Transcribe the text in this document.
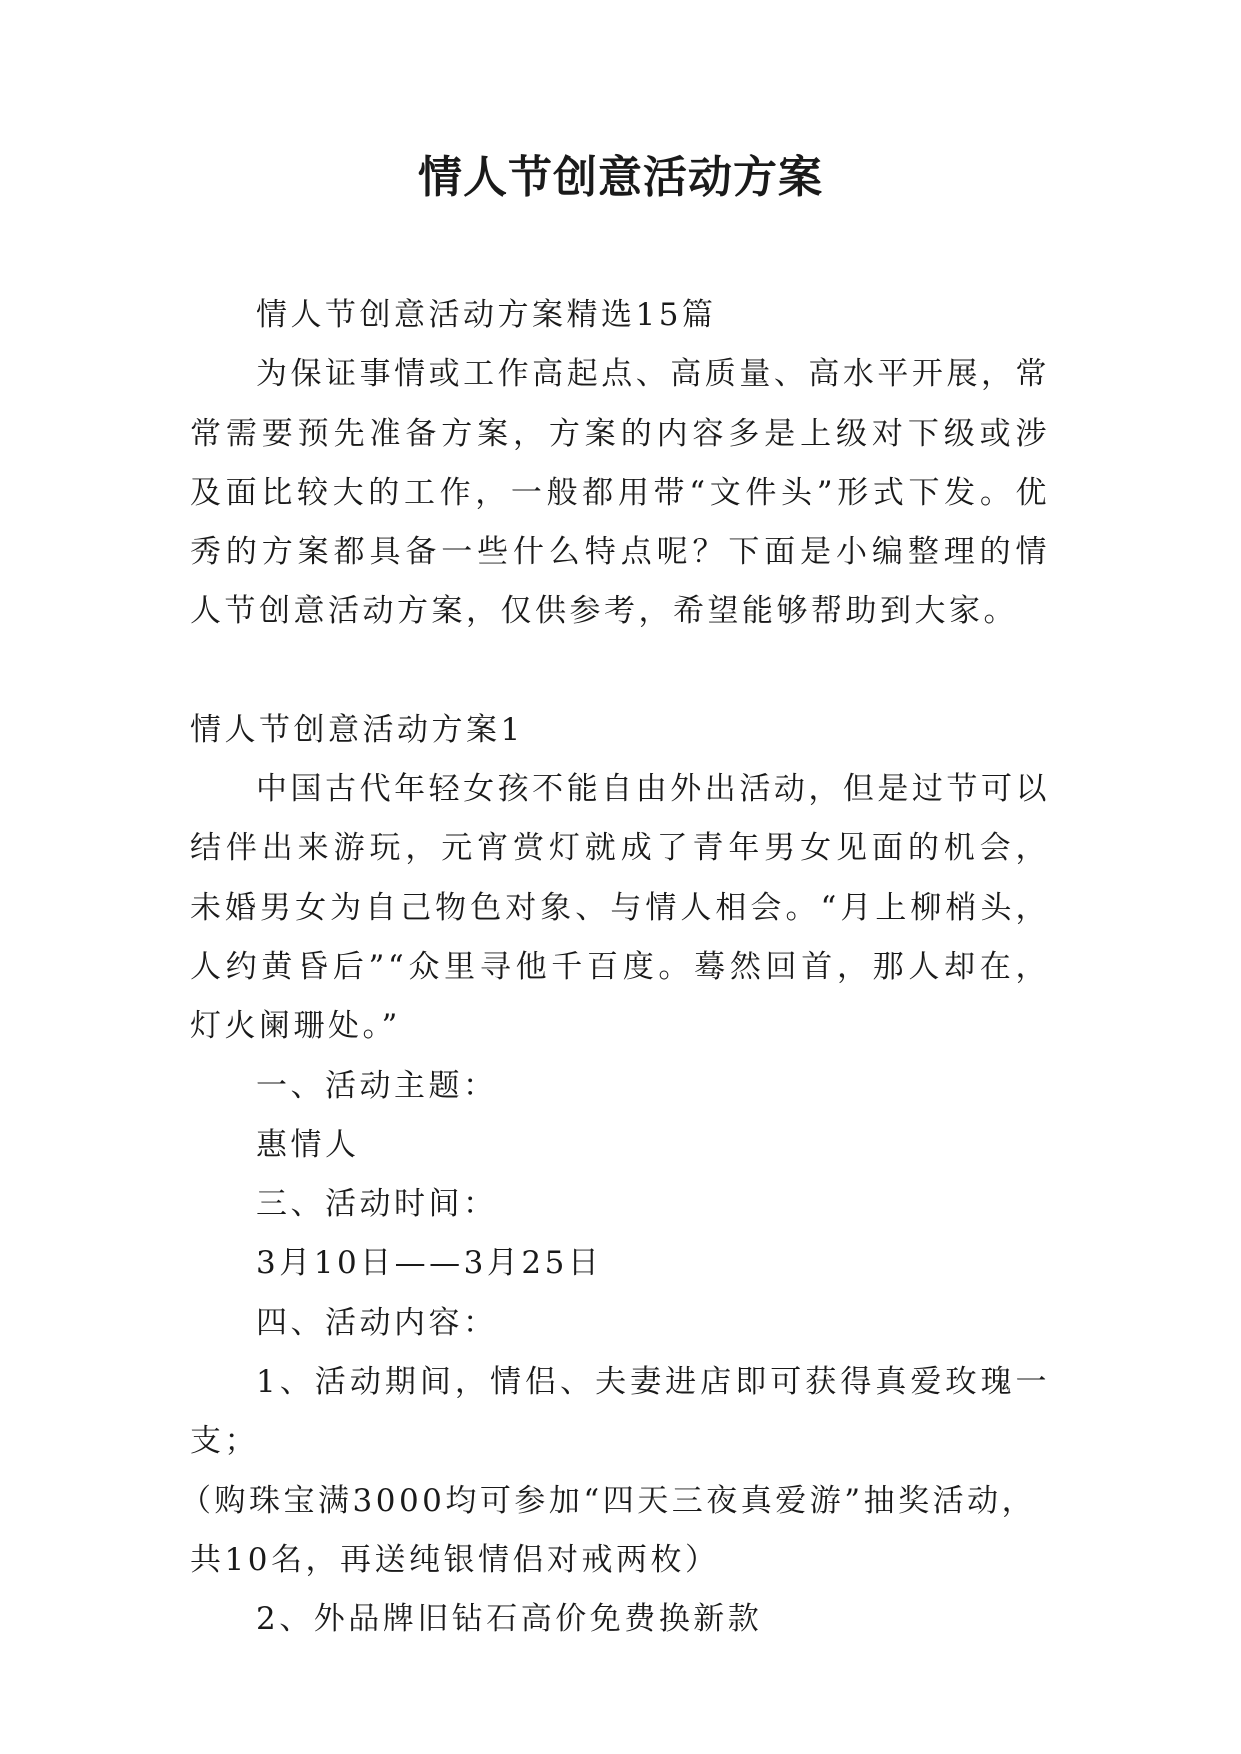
情人节创意活动方案

情人节创意活动方案精选15篇

为保证事情或工作高起点、高质量、高水平开展，常常需要预先准备方案，方案的内容多是上级对下级或涉及面比较大的工作，一般都用带“文件头”形式下发。优秀的方案都具备一些什么特点呢？下面是小编整理的情人节创意活动方案，仅供参考，希望能够帮助到大家。

情人节创意活动方案1

中国古代年轻女孩不能自由外出活动，但是过节可以结伴出来游玩，元宵赏灯就成了青年男女见面的机会，未婚男女为自己物色对象、与情人相会。“月上柳梢头，人约黄昏后”“众里寻他千百度。蓦然回首，那人却在，灯火阑珊处。”

一、活动主题：

惠情人

三、活动时间：

3月10日——3月25日

四、活动内容：

1、活动期间，情侣、夫妻进店即可获得真爱玫瑰一支；

（购珠宝满3000均可参加“四天三夜真爱游”抽奖活动，

共10名，再送纯银情侣对戒两枚）

2、外品牌旧钻石高价免费换新款
